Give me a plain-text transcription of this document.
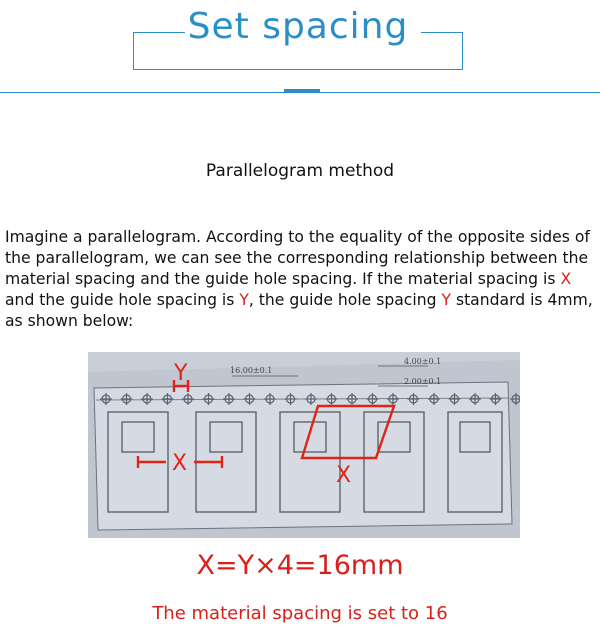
Set spacing
Parallelogram method
Imagine a parallelogram. According to the equality of the opposite sides of the parallelogram, we can see the corresponding relationship between the material spacing and the guide hole spacing. If the material spacing is X and the guide hole spacing is Y, the guide hole spacing Y standard is 4mm, as shown below:
16.00±0.1
4.00±0.1
2.00±0.1
Y
X	X
X=Y×4=16mm
The material spacing is set to 16
